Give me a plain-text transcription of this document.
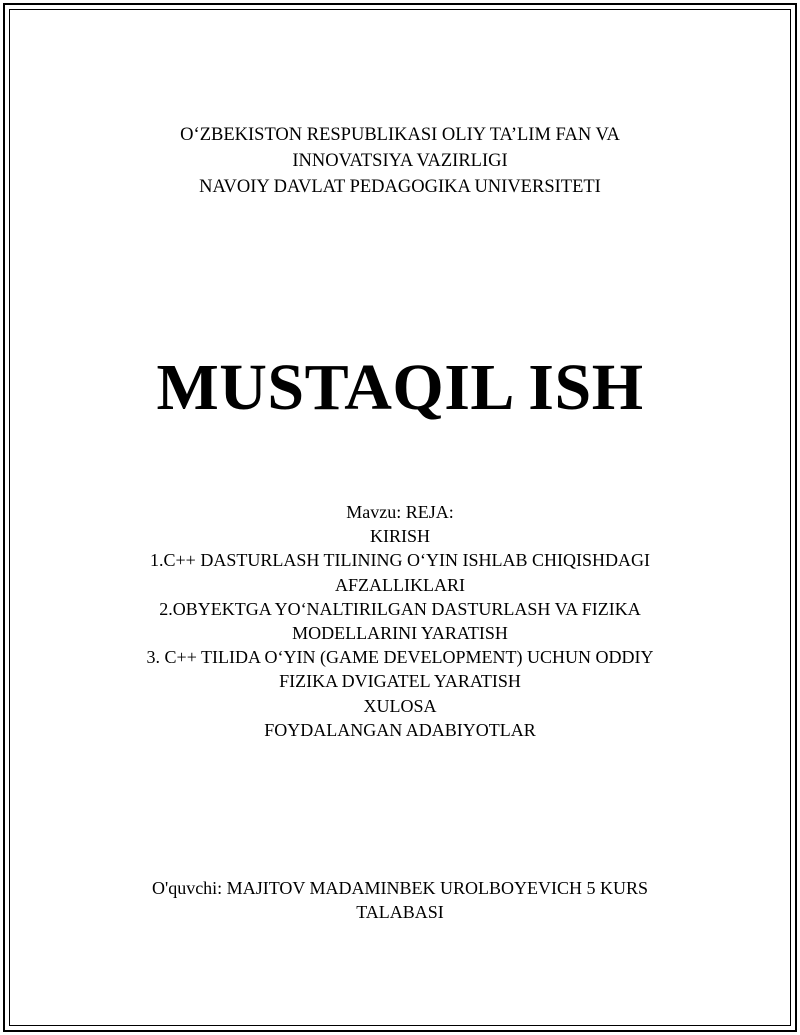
O‘ZBEKISTON RESPUBLIKASI OLIY TA’LIM FAN VA
INNOVATSIYA VAZIRLIGI
NAVOIY DAVLAT PEDAGOGIKA UNIVERSITETI
MUSTAQIL ISH
Mavzu: REJA:
KIRISH
1.C++ DASTURLASH TILINING O‘YIN ISHLAB CHIQISHDAGI
AFZALLIKLARI
2.OBYEKTGA YO‘NALTIRILGAN DASTURLASH VA FIZIKA
MODELLARINI YARATISH
3. C++ TILIDA O‘YIN (GAME DEVELOPMENT) UCHUN ODDIY
FIZIKA DVIGATEL YARATISH
XULOSA
FOYDALANGAN ADABIYOTLAR
O'quvchi: MAJITOV MADAMINBEK UROLBOYEVICH 5 KURS
TALABASI
